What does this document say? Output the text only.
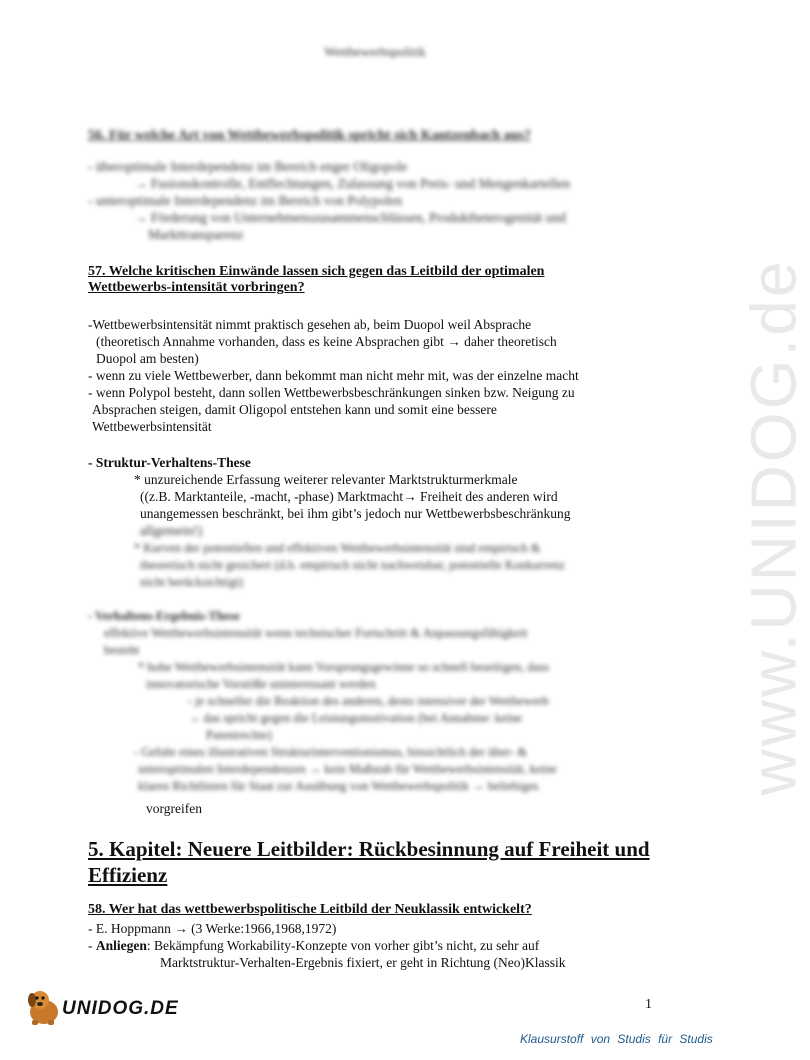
www.UNIDOG.de
Wettbewerbspolitik
56. Für welche Art von Wettbewerbspolitik spricht sich Kantzenbach aus?
- überoptimale Interdependenz im Bereich enger Oligopole
→ Fusionskontrolle, Entflechtungen, Zulassung von Preis- und Mengenkartellen
- unteroptimale Interdependenz im Bereich von Polypolen
→ Förderung von Unternehmenszusammenschlüssen, Produktheterogenität und
Markttransparenz
57. Welche kritischen Einwände lassen sich gegen das Leitbild der optimalen
Wettbewerbs-intensität vorbringen?
-Wettbewerbsintensität nimmt praktisch gesehen ab, beim Duopol weil Absprache
(theoretisch Annahme vorhanden, dass es keine Absprachen gibt → daher theoretisch
Duopol am besten)
- wenn zu viele Wettbewerber, dann bekommt man nicht mehr mit, was der einzelne macht
- wenn Polypol besteht, dann sollen Wettbewerbsbeschränkungen sinken bzw. Neigung zu
Absprachen steigen, damit Oligopol entstehen kann und somit eine bessere
Wettbewerbsintensität
- Struktur-Verhaltens-These
* unzureichende Erfassung weiterer relevanter Marktstrukturmerkmale
((z.B. Marktanteile, -macht, -phase) Marktmacht→ Freiheit des anderen wird
unangemessen beschränkt, bei ihm gibt’s jedoch nur Wettbewerbsbeschränkung
allgemein!)
* Kurven der potentiellen und effektiven Wettbewerbsintensität sind empirisch &
theoretisch nicht gesichert (d.h. empirisch nicht nachweisbar, potentielle Konkurrenz
nicht berücksichtigt)
- Verhaltens-Ergebnis-These
effektive Wettbewerbsintensität wenn technischer Fortschritt & Anpassungsfähigkeit
besteht
* hohe Wettbewerbsintensität kann Vorsprungsgewinne so schnell beseitigen, dass
innovatorische Vorstöße uninteressant werden
- je schneller die Reaktion des anderen, desto intensiver der Wettbewerb
→ das spricht gegen die Leistungsmotivation (bei Annahme: keine
Patentrechte)
- Gefahr eines illustrativen Strukturinterventionismus, hinsichtlich der über- &
unteroptimalen Interdependenzen → kein Maßstab für Wettbewerbsintensität, keine
klaren Richtlinien für Staat zur Ausübung von Wettbewerbspolitik → beliebiges
vorgreifen
5. Kapitel: Neuere Leitbilder: Rückbesinnung auf Freiheit und
Effizienz
58. Wer hat das wettbewerbspolitische Leitbild der Neuklassik entwickelt?
- E. Hoppmann → (3 Werke:1966,1968,1972)
- Anliegen: Bekämpfung Workability-Konzepte von vorher gibt’s nicht, zu sehr auf
Marktstruktur-Verhalten-Ergebnis fixiert, er geht in Richtung (Neo)Klassik
1
UNIDOG.DE
Klausurstoff von Studis für Studis
